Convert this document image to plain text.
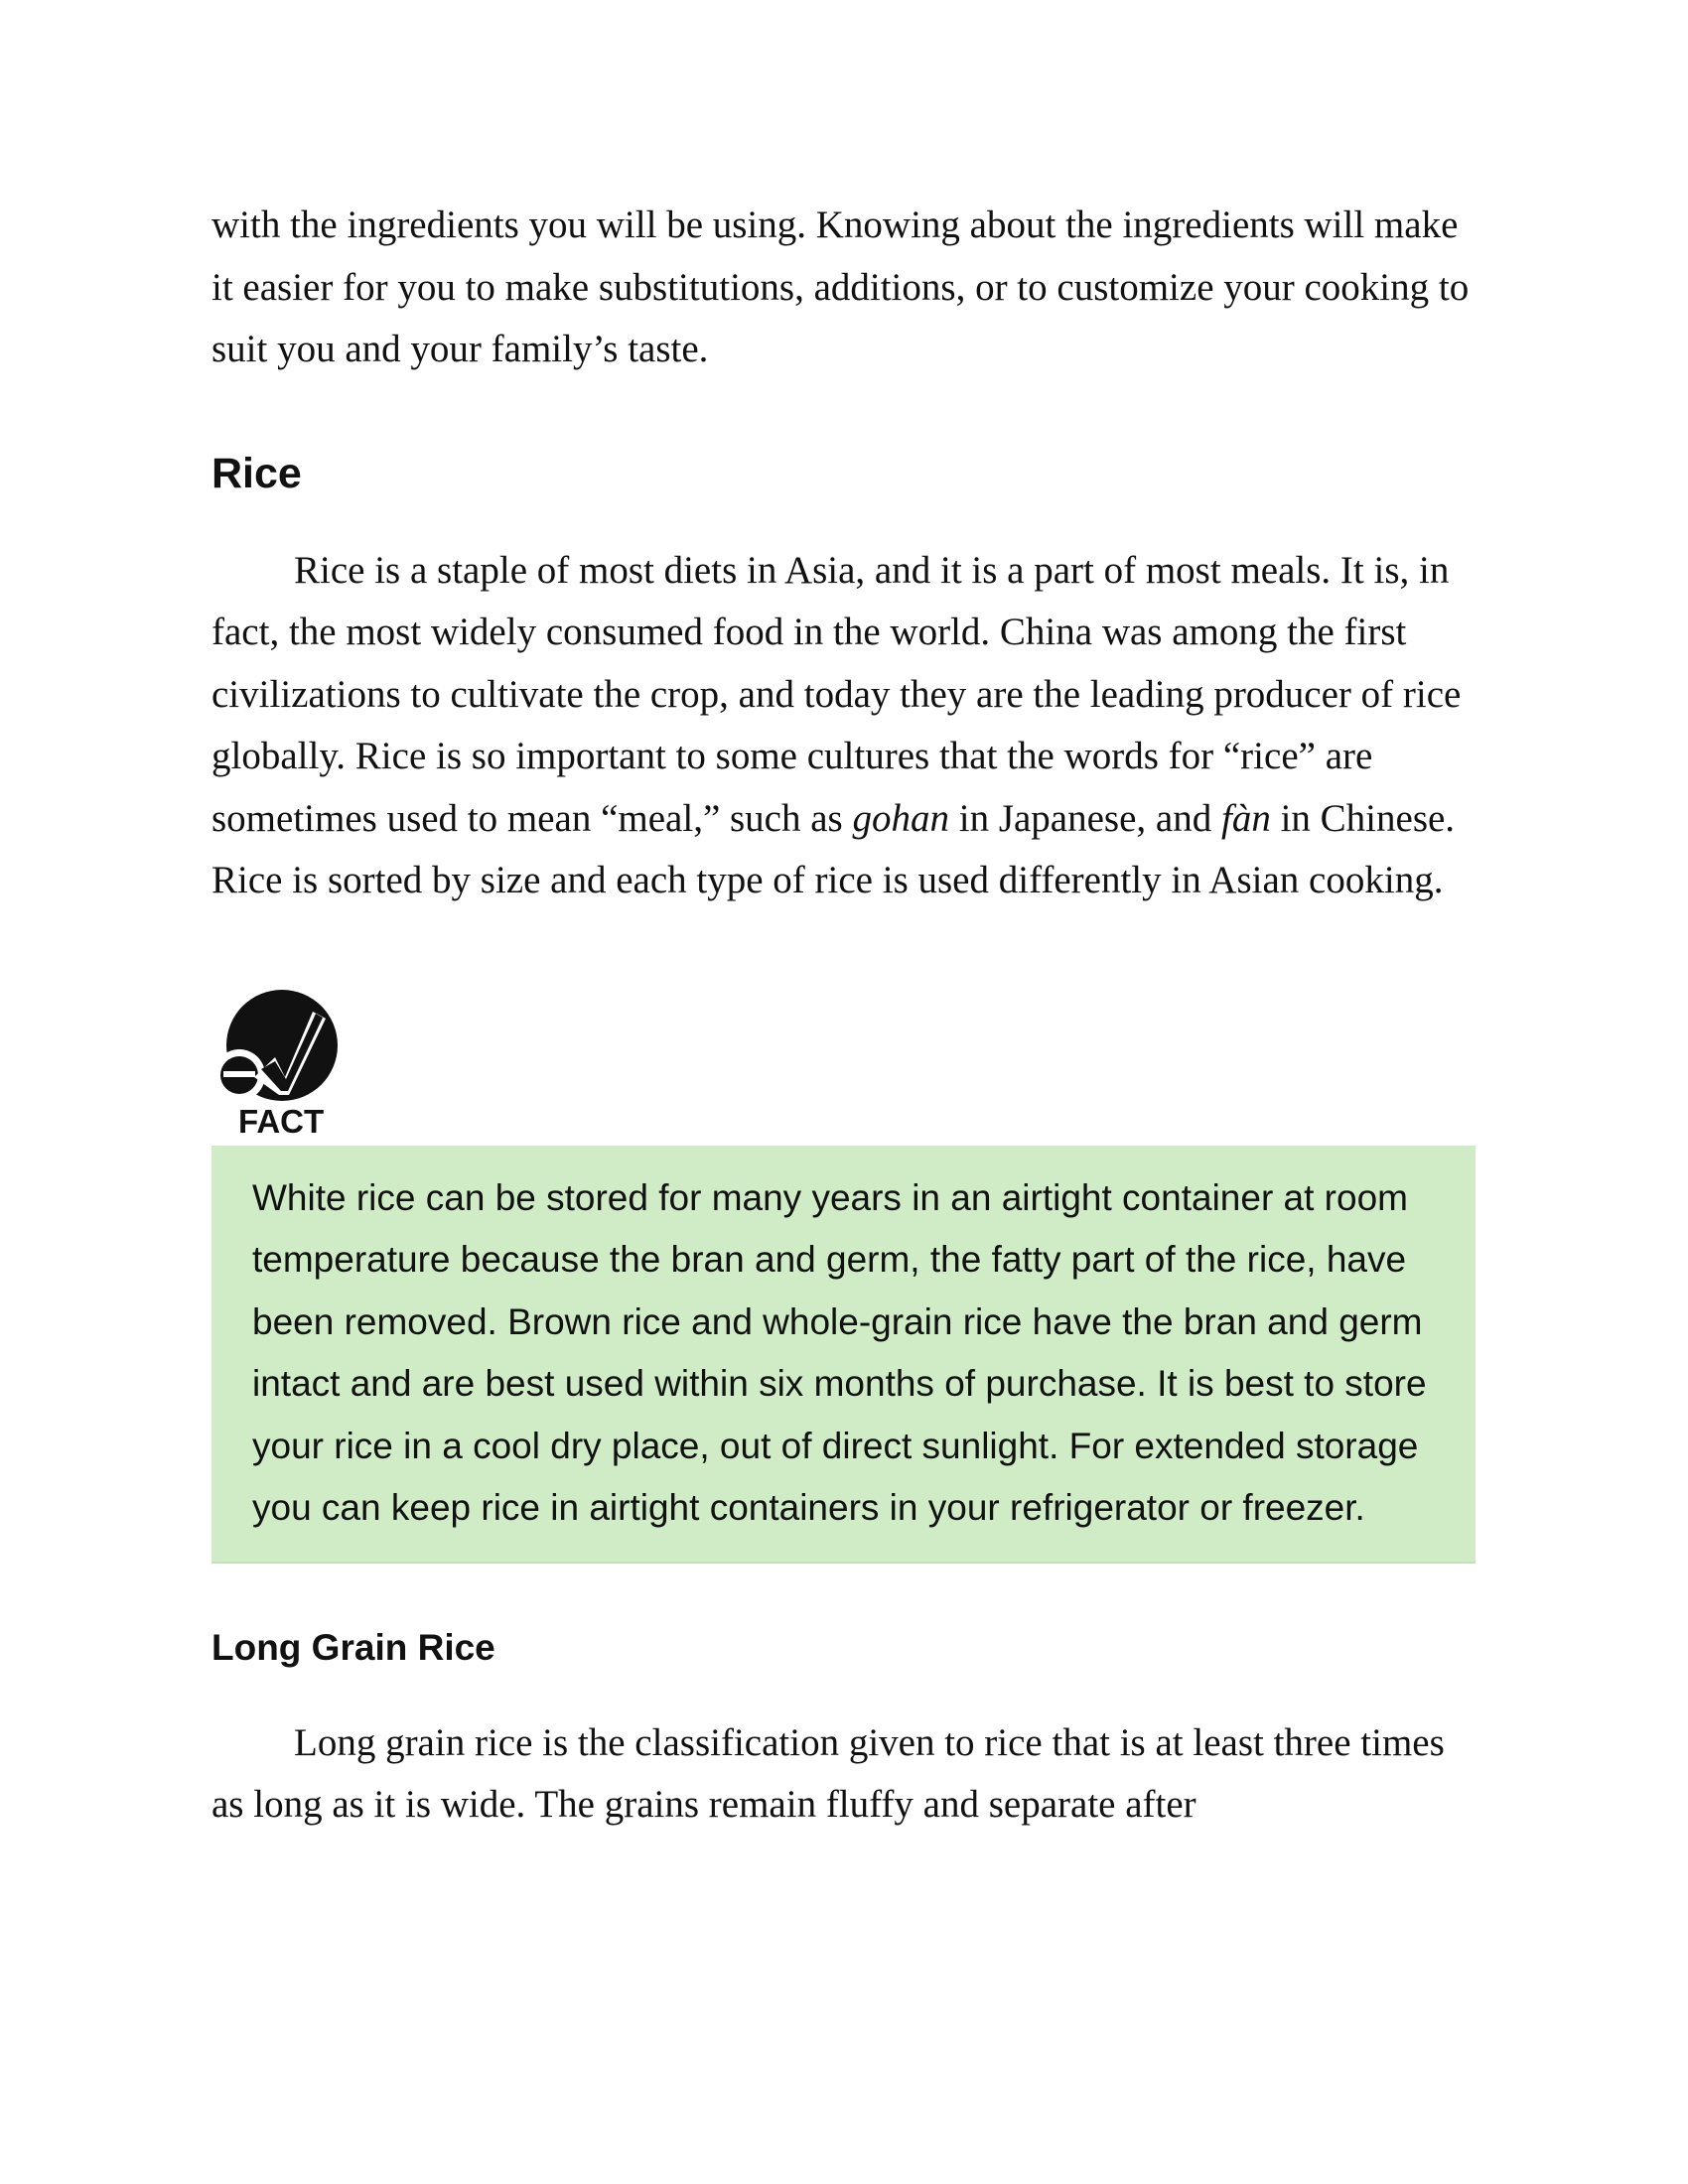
with the ingredients you will be using. Knowing about the ingredients will make it easier for you to make substitutions, additions, or to customize your cooking to suit you and your family’s taste.

Rice

Rice is a staple of most diets in Asia, and it is a part of most meals. It is, in fact, the most widely consumed food in the world. China was among the first civilizations to cultivate the crop, and today they are the leading producer of rice globally. Rice is so important to some cultures that the words for “rice” are sometimes used to mean “meal,” such as gohan in Japanese, and fàn in Chinese. Rice is sorted by size and each type of rice is used differently in Asian cooking.

FACT

White rice can be stored for many years in an airtight container at room temperature because the bran and germ, the fatty part of the rice, have been removed. Brown rice and whole-grain rice have the bran and germ intact and are best used within six months of purchase. It is best to store your rice in a cool dry place, out of direct sunlight. For extended storage you can keep rice in airtight containers in your refrigerator or freezer.

Long Grain Rice

Long grain rice is the classification given to rice that is at least three times as long as it is wide. The grains remain fluffy and separate after
